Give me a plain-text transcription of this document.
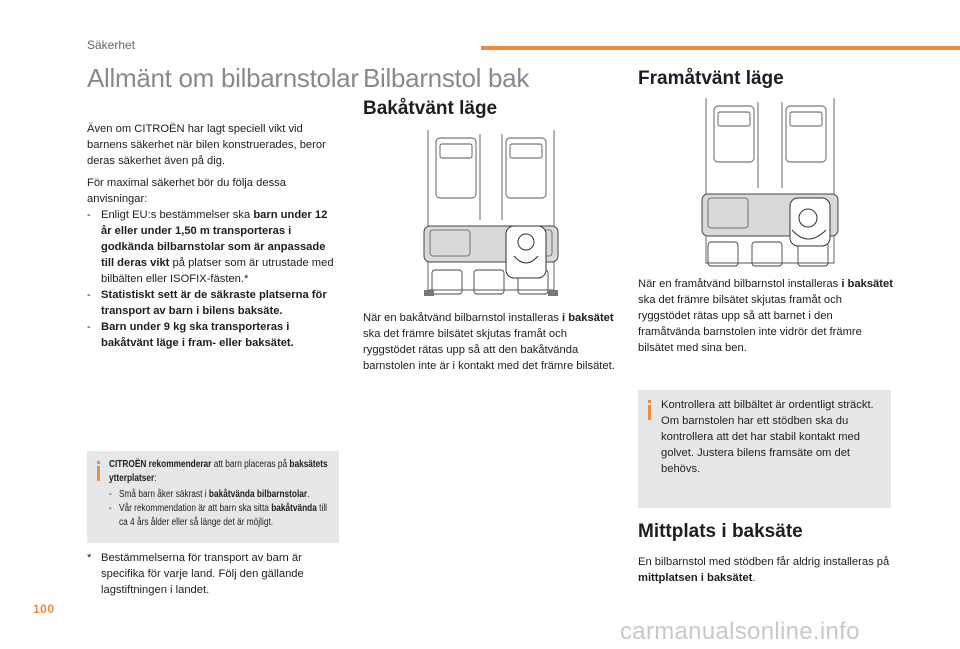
Säkerhet
Allmänt om bilbarnstolar
Även om CITROËN har lagt speciell vikt vid barnens säkerhet när bilen konstruerades, beror deras säkerhet även på dig.
För maximal säkerhet bör du följa dessa anvisningar:
- Enligt EU:s bestämmelser ska barn under 12 år eller under 1,50 m transporteras i godkända bilbarnstolar som är anpassade till deras vikt på platser som är utrustade med bilbälten eller ISOFIX-fästen.*
- Statistiskt sett är de säkraste platserna för transport av barn i bilens baksäte.
- Barn under 9 kg ska transporteras i bakåtvänt läge i fram- eller baksätet.
CITROËN rekommenderar att barn placeras på baksätets ytterplatser:
- Små barn åker säkrast i bakåtvända bilbarnstolar.
- Vår rekommendation är att barn ska sitta bakåtvända till ca 4 års ålder eller så länge det är möjligt.
* Bestämmelserna för transport av barn är specifika för varje land. Följ den gällande lagstiftningen i landet.
Bilbarnstol bak
Bakåtvänt läge
När en bakåtvänd bilbarnstol installeras i baksätet ska det främre bilsätet skjutas framåt och ryggstödet rätas upp så att den bakåtvända barnstolen inte är i kontakt med det främre bilsätet.
Framåtvänt läge
När en framåtvänd bilbarnstol installeras i baksätet ska det främre bilsätet skjutas framåt och ryggstödet rätas upp så att barnet i den framåtvända barnstolen inte vidrör det främre bilsätet med sina ben.
Kontrollera att bilbältet är ordentligt sträckt.
Om barnstolen har ett stödben ska du kontrollera att det har stabil kontakt med golvet. Justera bilens framsäte om det behövs.
Mittplats i baksäte
En bilbarnstol med stödben får aldrig installeras på mittplatsen i baksätet.
100
carmanualsonline.info
